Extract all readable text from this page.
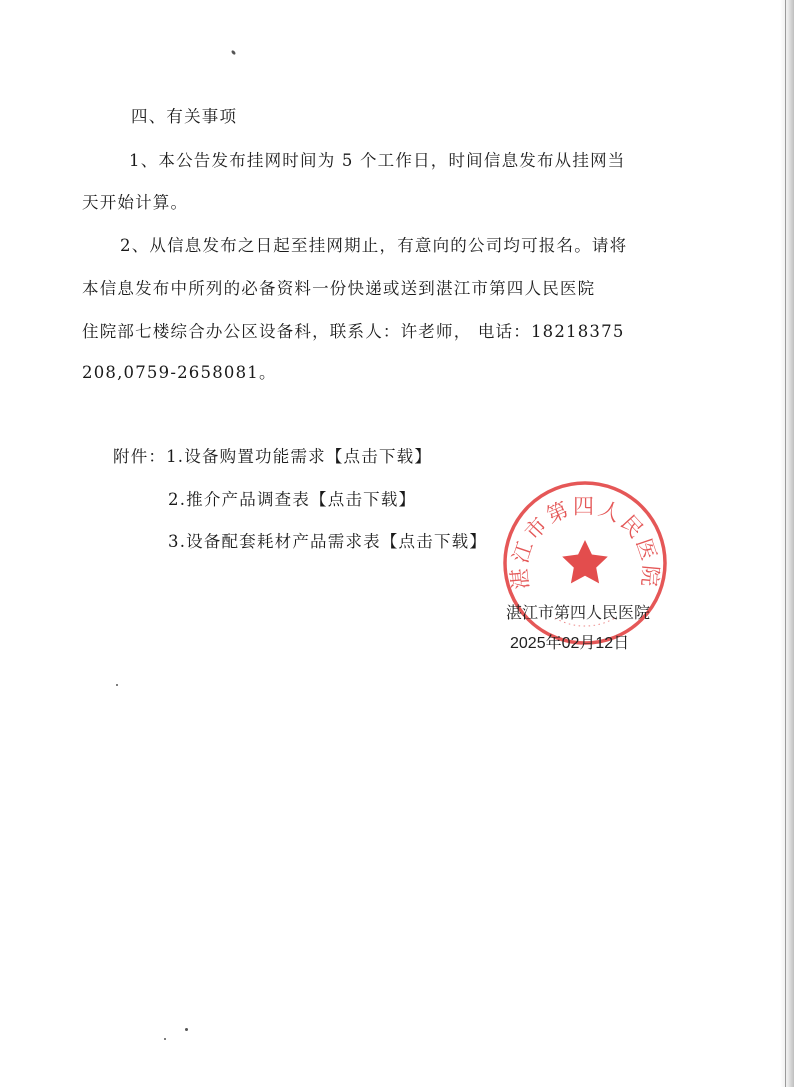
四、有关事项
1、本公告发布挂网时间为 5 个工作日，时间信息发布从挂网当
天开始计算。
2、从信息发布之日起至挂网期止，有意向的公司均可报名。请将
本信息发布中所列的必备资料一份快递或送到湛江市第四人民医院
住院部七楼综合办公区设备科，联系人：许老师， 电话：18218375
208,0759-2658081。
附件：1.设备购置功能需求【点击下载】
2.推介产品调查表【点击下载】
3.设备配套耗材产品需求表【点击下载】
湛江市第四人民医院
湛江市第四人民医院
2025年02月12日
